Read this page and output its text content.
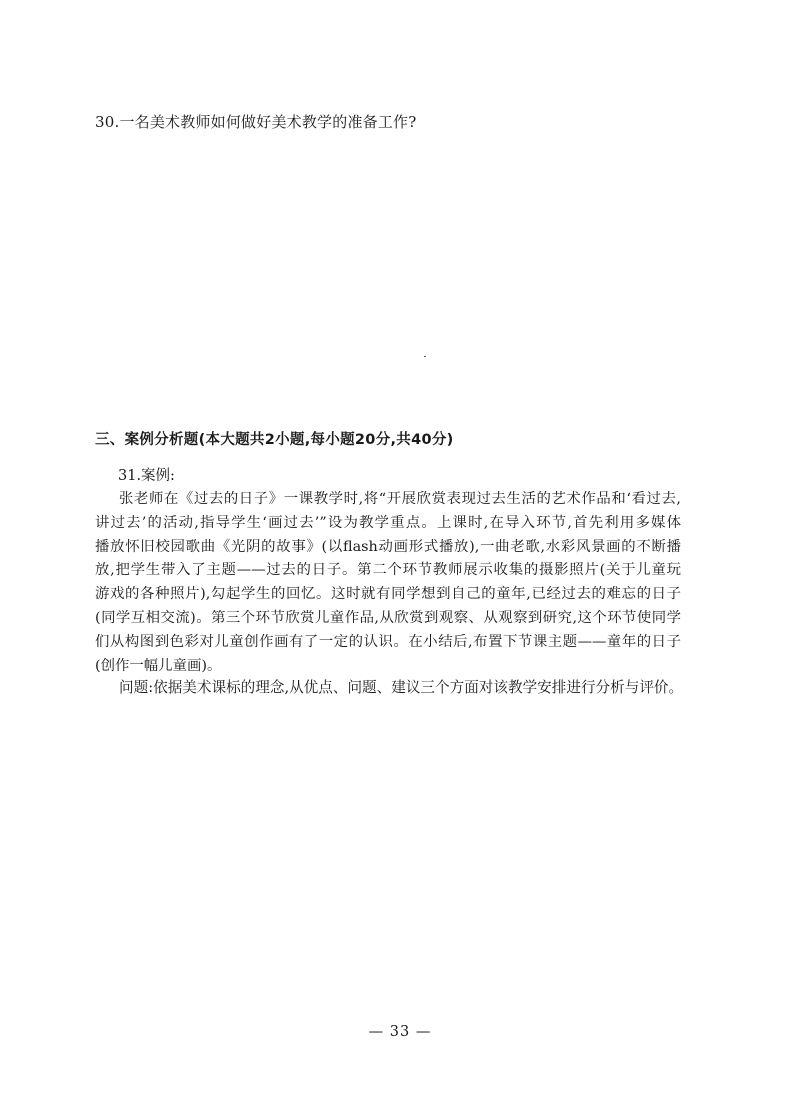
30.一名美术教师如何做好美术教学的准备工作?
三、案例分析题(本大题共2小题,每小题20分,共40分)
31.案例:
张老师在《过去的日子》一课教学时,将“开展欣赏表现过去生活的艺术作品和‘看过去,
讲过去’的活动,指导学生‘画过去’”设为教学重点。上课时,在导入环节,首先利用多媒体
播放怀旧校园歌曲《光阴的故事》(以flash动画形式播放),一曲老歌,水彩风景画的不断播
放,把学生带入了主题——过去的日子。第二个环节教师展示收集的摄影照片(关于儿童玩
游戏的各种照片),勾起学生的回忆。这时就有同学想到自己的童年,已经过去的难忘的日子
(同学互相交流)。第三个环节欣赏儿童作品,从欣赏到观察、从观察到研究,这个环节使同学
们从构图到色彩对儿童创作画有了一定的认识。在小结后,布置下节课主题——童年的日子
(创作一幅儿童画)。
问题:依据美术课标的理念,从优点、问题、建议三个方面对该教学安排进行分析与评价。
— 33 —
